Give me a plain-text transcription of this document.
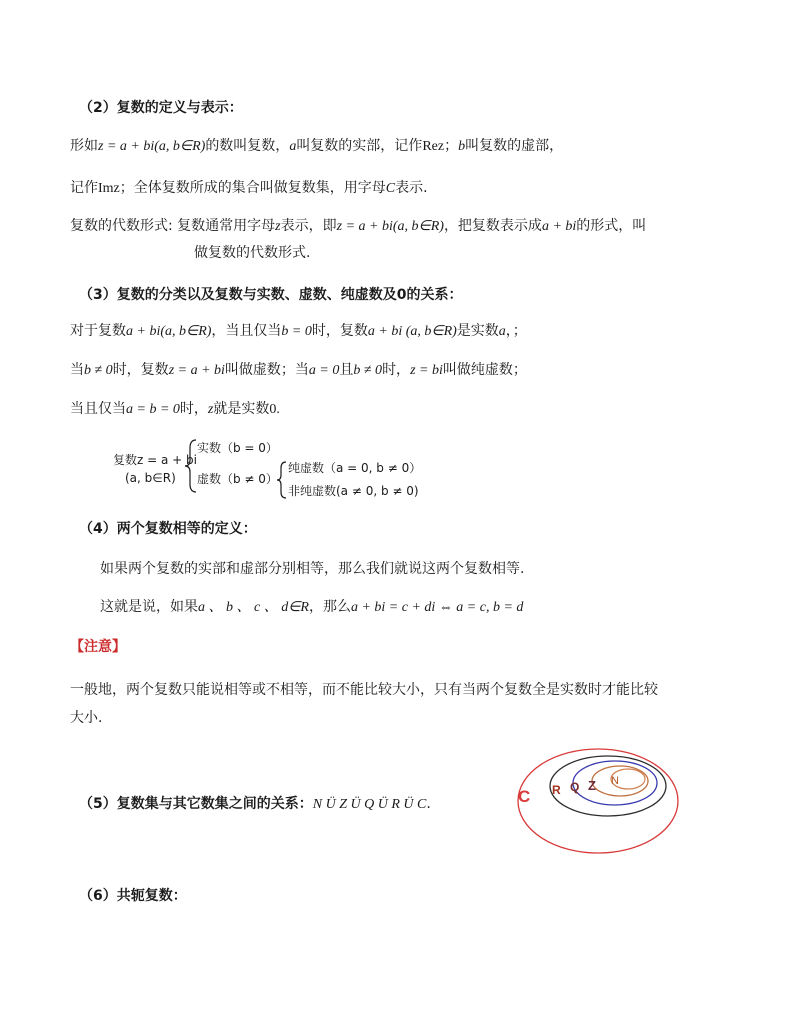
（2）复数的定义与表示：
形如z = a + bi(a, b∈R)的数叫复数，a叫复数的实部，记作Rez；b叫复数的虚部，
记作Imz；全体复数所成的集合叫做复数集，用字母C表示.
复数的代数形式: 复数通常用字母z表示，即z = a + bi(a, b∈R)，把复数表示成a + bi的形式，叫
做复数的代数形式.
（3）复数的分类以及复数与实数、虚数、纯虚数及0的关系：
对于复数a + bi(a, b∈R)，当且仅当b = 0时，复数a + bi (a, b∈R)是实数a，；
当b ≠ 0时，复数z = a + bi叫做虚数；当a = 0且b ≠ 0时，z = bi叫做纯虚数；
当且仅当a = b = 0时，z就是实数0.
复数z = a + bi
(a, b∈R)
实数（b = 0）
虚数（b ≠ 0）
纯虚数（a = 0, b ≠ 0）
非纯虚数(a ≠ 0, b ≠ 0)
（4）两个复数相等的定义：
如果两个复数的实部和虚部分别相等，那么我们就说这两个复数相等.
这就是说，如果a 、 b 、 c 、 d∈R，那么a + bi = c + di ⇔ a = c, b = d
【注意】
一般地，两个复数只能说相等或不相等，而不能比较大小，只有当两个复数全是实数时才能比较
大小.
（5）复数集与其它数集之间的关系：N Ü Z Ü Q Ü R Ü C.	C R Q Z N
（6）共轭复数：
